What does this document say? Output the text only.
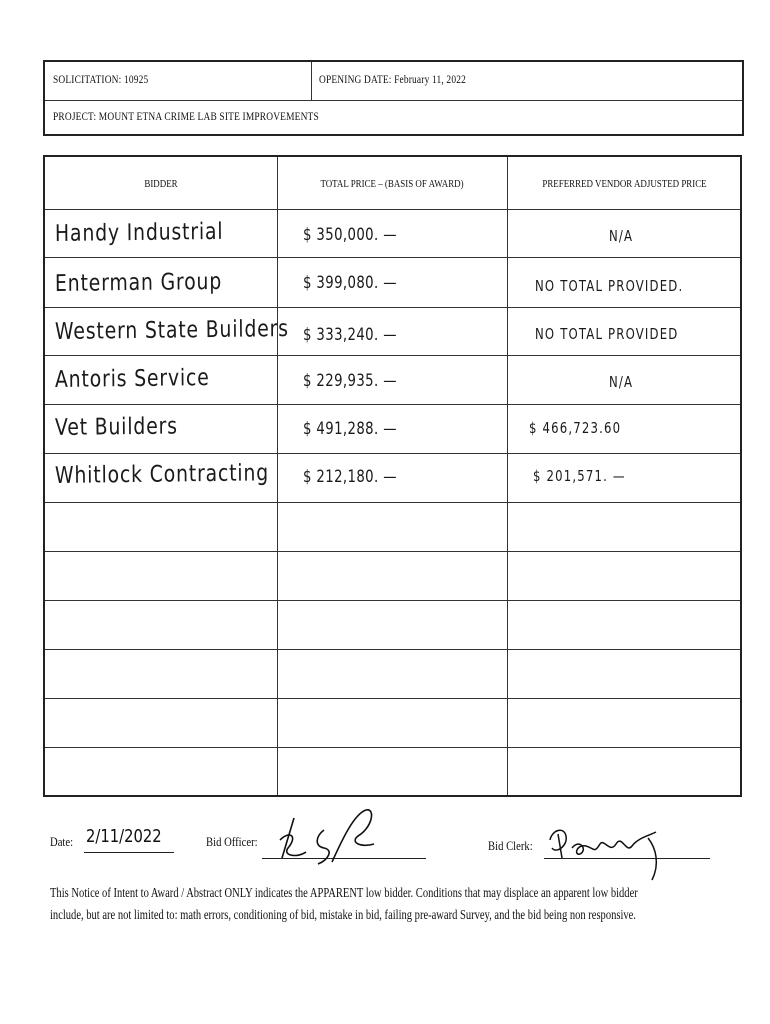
SOLICITATION: 10925	OPENING DATE: February 11, 2022
PROJECT: MOUNT ETNA CRIME LAB SITE IMPROVEMENTS
BIDDER	TOTAL PRICE – (BASIS OF AWARD)	PREFERRED VENDOR ADJUSTED PRICE
Handy Industrial	$ 350,000. —	N/A
Enterman Group	$ 399,080. —	NO TOTAL PROVIDED.
Western State Builders $ 333,240. —	NO TOTAL PROVIDED
Antoris Service	$ 229,935. —	N/A
Vet Builders	$ 491,288. —	$ 466,723.60
Whitlock Contracting $ 212,180. —	$ 201,571. —
Date: 2/11/2022	Bid Officer:	Bid Clerk:
This Notice of Intent to Award / Abstract ONLY indicates the APPARENT low bidder. Conditions that may displace an apparent low bidder
include, but are not limited to: math errors, conditioning of bid, mistake in bid, failing pre-award Survey, and the bid being non responsive.
